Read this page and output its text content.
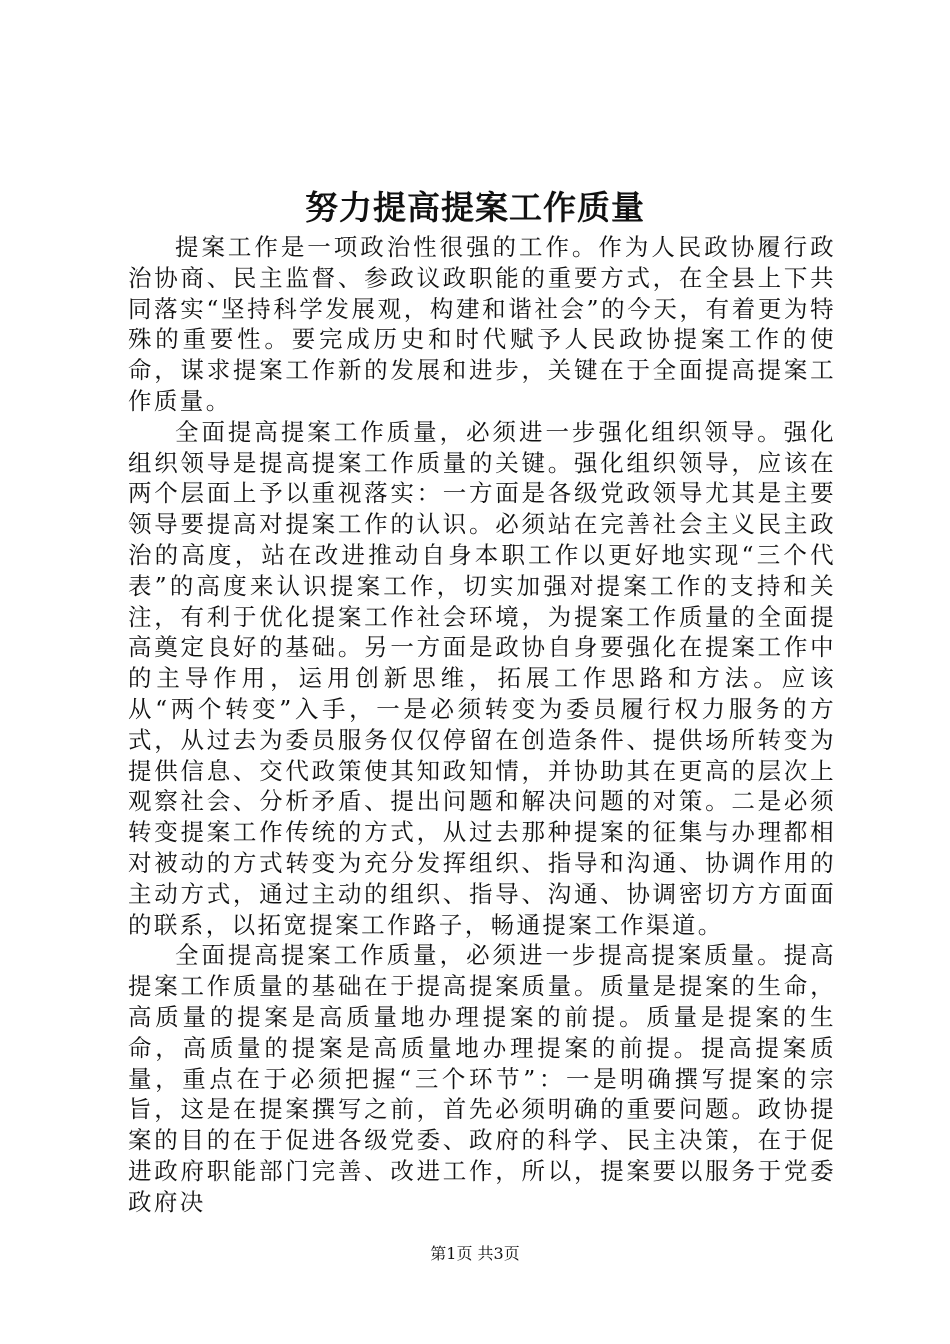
努力提高提案工作质量

提案工作是一项政治性很强的工作。作为人民政协履行政治协商、民主监督、参政议政职能的重要方式，在全县上下共同落实“坚持科学发展观，构建和谐社会”的今天，有着更为特殊的重要性。要完成历史和时代赋予人民政协提案工作的使命，谋求提案工作新的发展和进步，关键在于全面提高提案工作质量。

全面提高提案工作质量，必须进一步强化组织领导。强化组织领导是提高提案工作质量的关键。强化组织领导，应该在两个层面上予以重视落实：一方面是各级党政领导尤其是主要领导要提高对提案工作的认识。必须站在完善社会主义民主政治的高度，站在改进推动自身本职工作以更好地实现“三个代表”的高度来认识提案工作，切实加强对提案工作的支持和关注，有利于优化提案工作社会环境，为提案工作质量的全面提高奠定良好的基础。另一方面是政协自身要强化在提案工作中的主导作用，运用创新思维，拓展工作思路和方法。应该从“两个转变”入手，一是必须转变为委员履行权力服务的方式，从过去为委员服务仅仅停留在创造条件、提供场所转变为提供信息、交代政策使其知政知情，并协助其在更高的层次上观察社会、分析矛盾、提出问题和解决问题的对策。二是必须转变提案工作传统的方式，从过去那种提案的征集与办理都相对被动的方式转变为充分发挥组织、指导和沟通、协调作用的主动方式，通过主动的组织、指导、沟通、协调密切方方面面的联系，以拓宽提案工作路子，畅通提案工作渠道。

全面提高提案工作质量，必须进一步提高提案质量。提高提案工作质量的基础在于提高提案质量。质量是提案的生命，高质量的提案是高质量地办理提案的前提。质量是提案的生命，高质量的提案是高质量地办理提案的前提。提高提案质量，重点在于必须把握“三个环节”：一是明确撰写提案的宗旨，这是在提案撰写之前，首先必须明确的重要问题。政协提案的目的在于促进各级党委、政府的科学、民主决策，在于促进政府职能部门完善、改进工作，所以，提案要以服务于党委政府决

第1页 共3页
